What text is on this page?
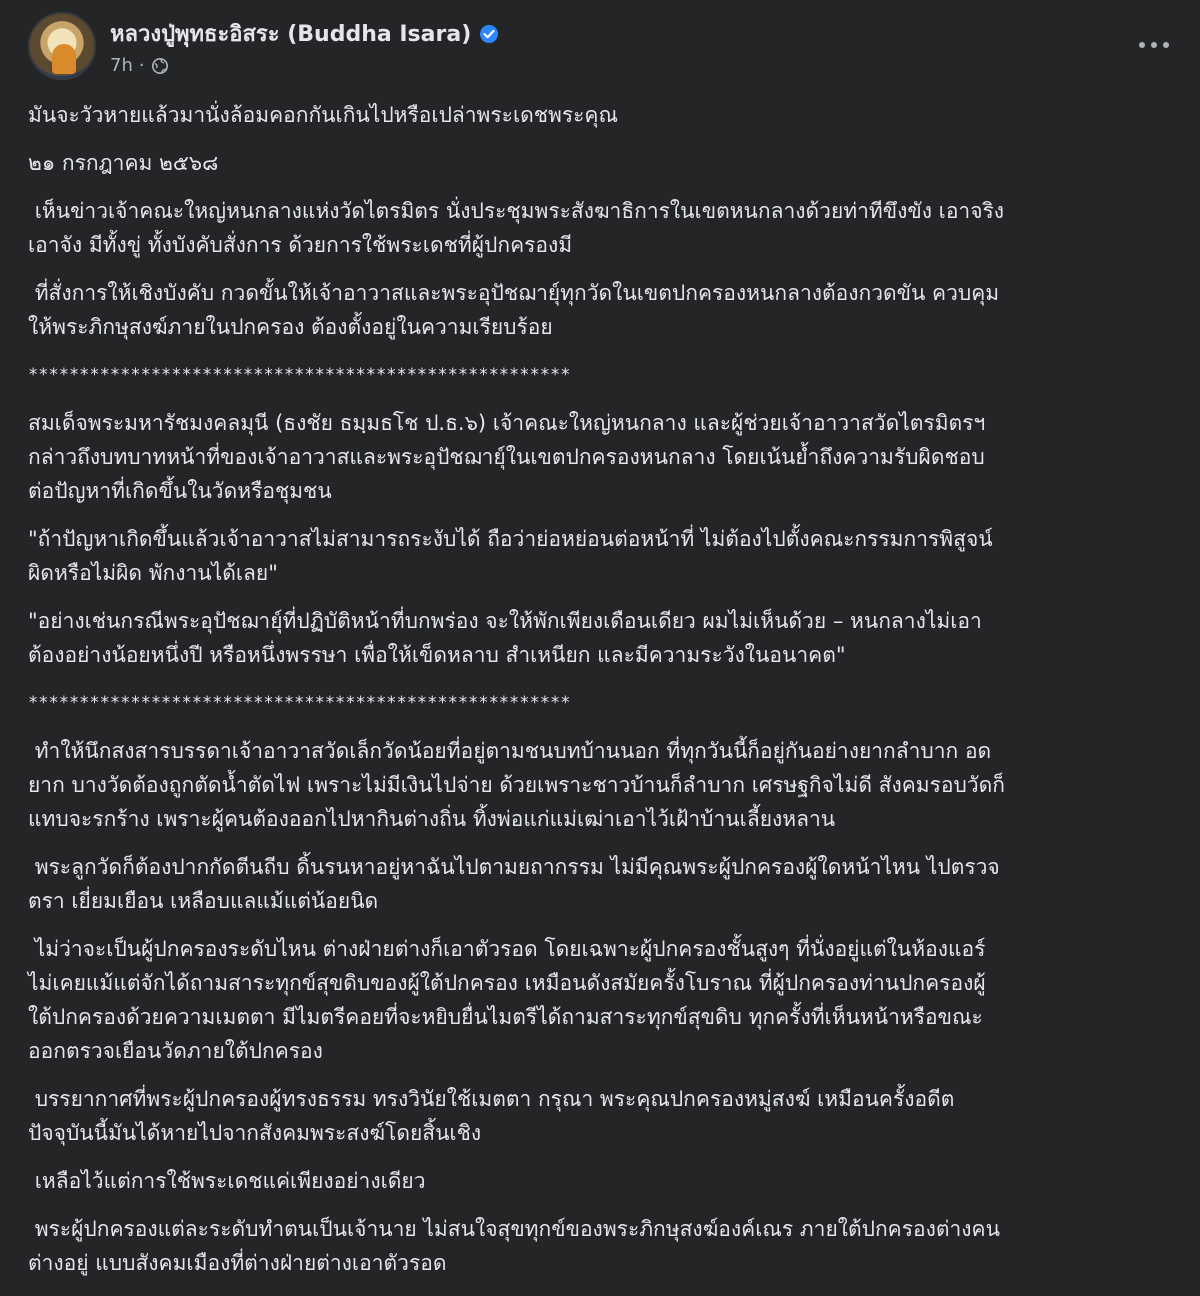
หลวงปู่พุทธะอิสระ (Buddha Isara)
7h ·

มันจะวัวหายแล้วมานั่งล้อมคอกกันเกินไปหรือเปล่าพระเดชพระคุณ

๒๑ กรกฎาคม ๒๕๖๘

เห็นข่าวเจ้าคณะใหญ่หนกลางแห่งวัดไตรมิตร นั่งประชุมพระสังฆาธิการในเขตหนกลางด้วยท่าทีขึงขัง เอาจริง
เอาจัง มีทั้งขู่ ทั้งบังคับสั่งการ ด้วยการใช้พระเดชที่ผู้ปกครองมี

ที่สั่งการให้เชิงบังคับ กวดขั้นให้เจ้าอาวาสและพระอุปัชฌายุ์ทุกวัดในเขตปกครองหนกลางต้องกวดขัน ควบคุม
ให้พระภิกษุสงฆ์ภายในปกครอง ต้องตั้งอยู่ในความเรียบร้อย

*****************************************************

สมเด็จพระมหารัชมงคลมุนี (ธงชัย ธมฺมธโช ป.ธ.๖) เจ้าคณะใหญ่หนกลาง และผู้ช่วยเจ้าอาวาสวัดไตรมิตรฯ
กล่าวถึงบทบาทหน้าที่ของเจ้าอาวาสและพระอุปัชฌายุ์ในเขตปกครองหนกลาง โดยเน้นย้ำถึงความรับผิดชอบ
ต่อปัญหาที่เกิดขึ้นในวัดหรือชุมชน

"ถ้าปัญหาเกิดขึ้นแล้วเจ้าอาวาสไม่สามารถระงับได้ ถือว่าย่อหย่อนต่อหน้าที่ ไม่ต้องไปตั้งคณะกรรมการพิสูจน์
ผิดหรือไม่ผิด พักงานได้เลย"

"อย่างเช่นกรณีพระอุปัชฌายุ์ที่ปฏิบัติหน้าที่บกพร่อง จะให้พักเพียงเดือนเดียว ผมไม่เห็นด้วย – หนกลางไม่เอา
ต้องอย่างน้อยหนึ่งปี หรือหนึ่งพรรษา เพื่อให้เข็ดหลาบ สำเหนียก และมีความระวังในอนาคต"

*****************************************************

ทำให้นึกสงสารบรรดาเจ้าอาวาสวัดเล็กวัดน้อยที่อยู่ตามชนบทบ้านนอก ที่ทุกวันนี้ก็อยู่กันอย่างยากลำบาก อด
ยาก บางวัดต้องถูกตัดน้ำตัดไฟ เพราะไม่มีเงินไปจ่าย ด้วยเพราะชาวบ้านก็ลำบาก เศรษฐกิจไม่ดี สังคมรอบวัดก็
แทบจะรกร้าง เพราะผู้คนต้องออกไปหากินต่างถิ่น ทิ้งพ่อแก่แม่เฒ่าเอาไว้เฝ้าบ้านเลี้ยงหลาน

พระลูกวัดก็ต้องปากกัดตีนถีบ ดิ้นรนหาอยู่หาฉันไปตามยถากรรม ไม่มีคุณพระผู้ปกครองผู้ใดหน้าไหน ไปตรวจ
ตรา เยี่ยมเยือน เหลือบแลแม้แต่น้อยนิด

ไม่ว่าจะเป็นผู้ปกครองระดับไหน ต่างฝ่ายต่างก็เอาตัวรอด โดยเฉพาะผู้ปกครองชั้นสูงๆ ที่นั่งอยู่แต่ในห้องแอร์
ไม่เคยแม้แต่จักได้ถามสาระทุกข์สุขดิบของผู้ใต้ปกครอง เหมือนดังสมัยครั้งโบราณ ที่ผู้ปกครองท่านปกครองผู้
ใต้ปกครองด้วยความเมตตา มีไมตรีคอยที่จะหยิบยื่นไมตรีได้ถามสาระทุกข์สุขดิบ ทุกครั้งที่เห็นหน้าหรือขณะ
ออกตรวจเยือนวัดภายใต้ปกครอง

บรรยากาศที่พระผู้ปกครองผู้ทรงธรรม ทรงวินัยใช้เมตตา กรุณา พระคุณปกครองหมู่สงฆ์ เหมือนครั้งอดีต
ปัจจุบันนี้มันได้หายไปจากสังคมพระสงฆ์โดยสิ้นเชิง

เหลือไว้แต่การใช้พระเดชแค่เพียงอย่างเดียว

พระผู้ปกครองแต่ละระดับทำตนเป็นเจ้านาย ไม่สนใจสุขทุกข์ของพระภิกษุสงฆ์องค์เณร ภายใต้ปกครองต่างคน
ต่างอยู่ แบบสังคมเมืองที่ต่างฝ่ายต่างเอาตัวรอด
